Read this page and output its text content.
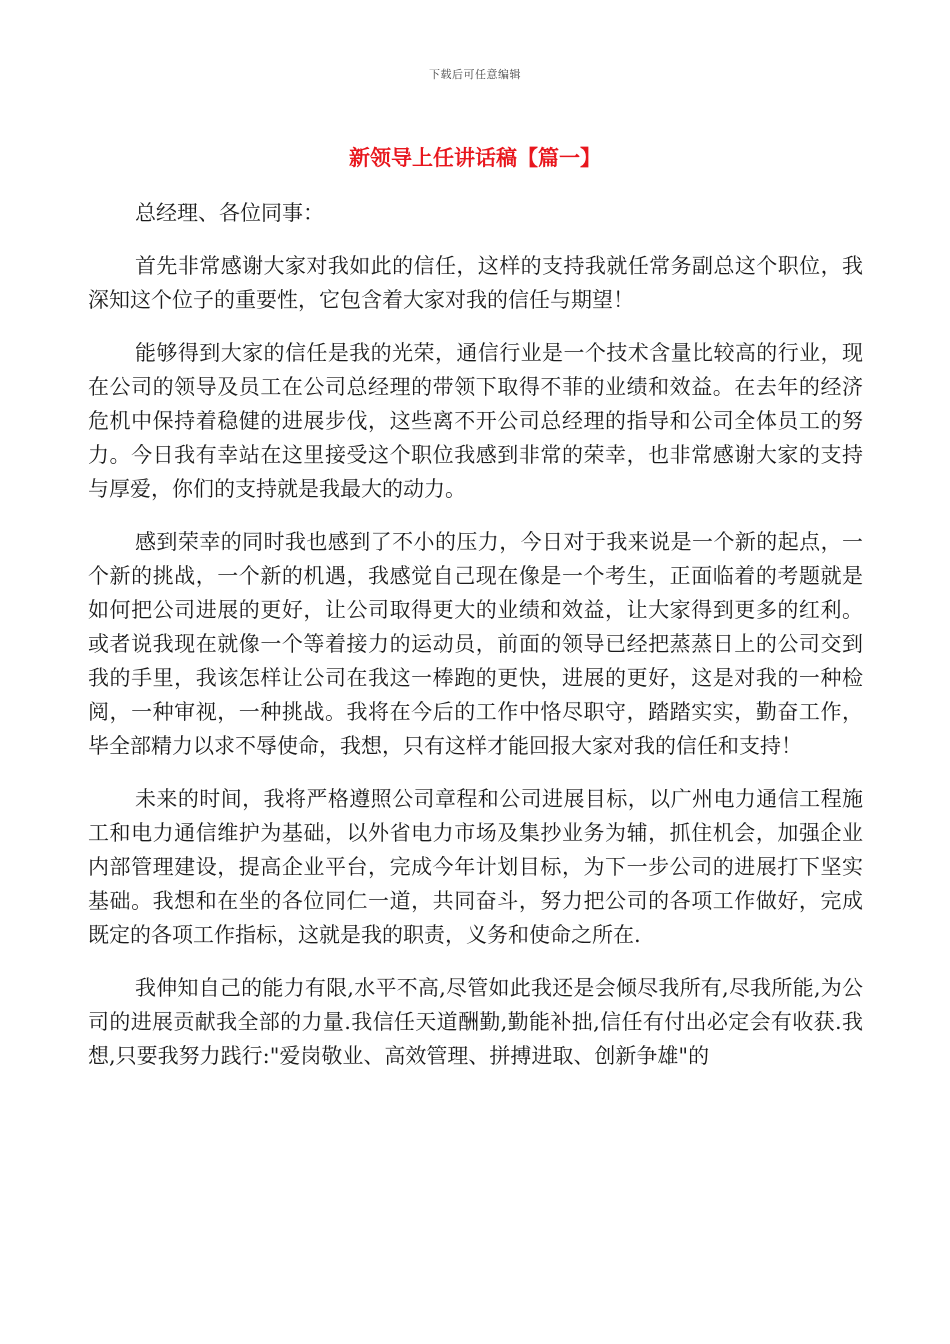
下载后可任意编辑
新领导上任讲话稿【篇一】

总经理、各位同事：

首先非常感谢大家对我如此的信任，这样的支持我就任常务副总这个职位，我深知这个位子的重要性，它包含着大家对我的信任与期望！

能够得到大家的信任是我的光荣，通信行业是一个技术含量比较高的行业，现在公司的领导及员工在公司总经理的带领下取得不菲的业绩和效益。在去年的经济危机中保持着稳健的进展步伐，这些离不开公司总经理的指导和公司全体员工的努力。今日我有幸站在这里接受这个职位我感到非常的荣幸，也非常感谢大家的支持与厚爱，你们的支持就是我最大的动力。

感到荣幸的同时我也感到了不小的压力，今日对于我来说是一个新的起点，一个新的挑战，一个新的机遇，我感觉自己现在像是一个考生，正面临着的考题就是如何把公司进展的更好，让公司取得更大的业绩和效益，让大家得到更多的红利。或者说我现在就像一个等着接力的运动员，前面的领导已经把蒸蒸日上的公司交到我的手里，我该怎样让公司在我这一棒跑的更快，进展的更好，这是对我的一种检阅，一种审视，一种挑战。我将在今后的工作中恪尽职守，踏踏实实，勤奋工作，毕全部精力以求不辱使命，我想，只有这样才能回报大家对我的信任和支持！

未来的时间，我将严格遵照公司章程和公司进展目标，以广州电力通信工程施工和电力通信维护为基础，以外省电力市场及集抄业务为辅，抓住机会，加强企业内部管理建设，提高企业平台，完成今年计划目标，为下一步公司的进展打下坚实基础。我想和在坐的各位同仁一道，共同奋斗，努力把公司的各项工作做好，完成既定的各项工作指标，这就是我的职责，义务和使命之所在.

我伸知自己的能力有限,水平不高,尽管如此我还是会倾尽我所有,尽我所能,为公司的进展贡献我全部的力量.我信任天道酬勤,勤能补拙,信任有付出必定会有收获.我想,只要我努力践行:"爱岗敬业、高效管理、拼搏进取、创新争雄"的
